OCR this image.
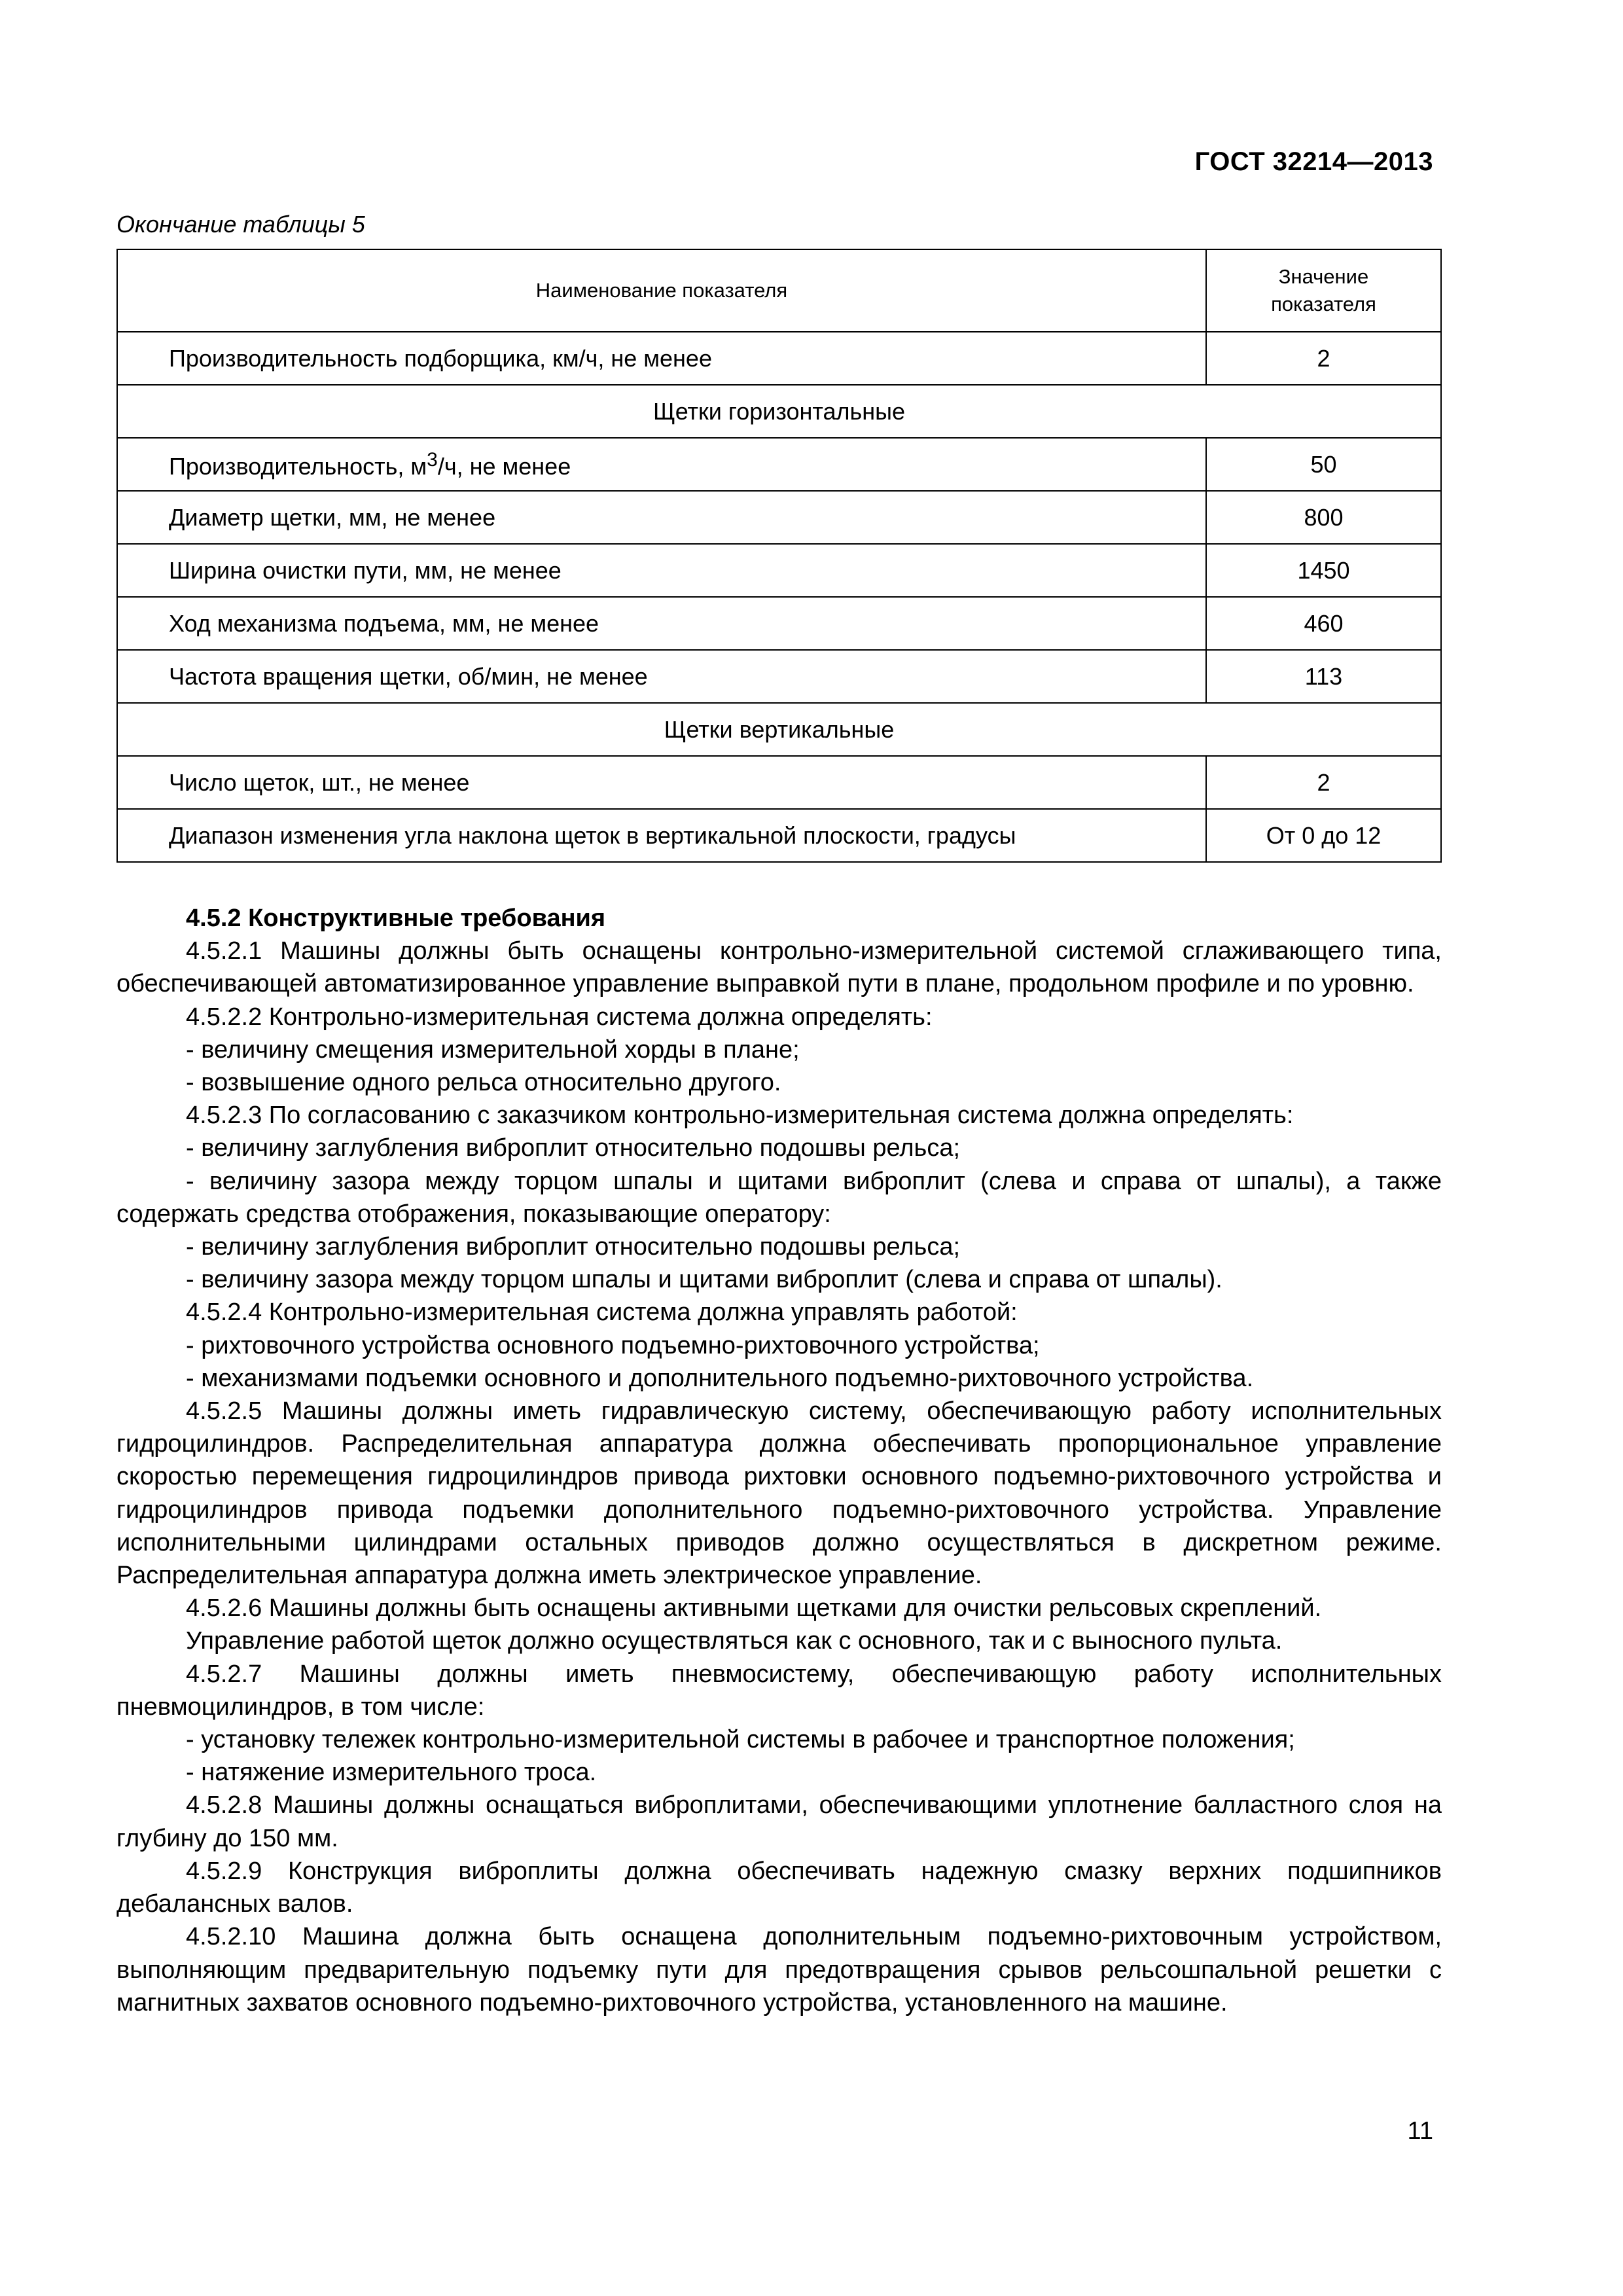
ГОСТ 32214—2013
Окончание таблицы 5
Наименование показателя	Значение
показателя
Производительность подборщика, км/ч, не менее	2
Щетки горизонтальные	
Производительность, $м^3/ч$, не менее	50
Диаметр щетки, мм, не менее	800
Ширина очистки пути, мм, не менее	1450
Ход механизма подъема, мм, не менее	460
Частота вращения щетки, об/мин, не менее	113
Щетки вертикальные	
Число щеток, шт., не менее	2
Диапазон изменения угла наклона щеток в вертикальной плоскости, градусы	От 0 до 12

4.5.2 Конструктивные требования

4.5.2.1 Машины должны быть оснащены контрольно-измерительной системой сглаживающего типа, обеспечивающей автоматизированное управление выправкой пути в плане, продольном профиле и по уровню.

4.5.2.2 Контрольно-измерительная система должна определять:

- величину смещения измерительной хорды в плане;

- возвышение одного рельса относительно другого.

4.5.2.3 По согласованию с заказчиком контрольно-измерительная система должна определять:

- величину заглубления виброплит относительно подошвы рельса;

- величину зазора между торцом шпалы и щитами виброплит (слева и справа от шпалы), а также содержать средства отображения, показывающие оператору:

- величину заглубления виброплит относительно подошвы рельса;

- величину зазора между торцом шпалы и щитами виброплит (слева и справа от шпалы).

4.5.2.4 Контрольно-измерительная система должна управлять работой:

- рихтовочного устройства основного подъемно-рихтовочного устройства;

- механизмами подъемки основного и дополнительного подъемно-рихтовочного устройства.

4.5.2.5 Машины должны иметь гидравлическую систему, обеспечивающую работу исполнительных гидроцилиндров. Распределительная аппаратура должна обеспечивать пропорциональное управление скоростью перемещения гидроцилиндров привода рихтовки основного подъемно-рихтовочного устройства и гидроцилиндров привода подъемки дополнительного подъемно-рихтовочного устройства. Управление исполнительными цилиндрами остальных приводов должно осуществляться в дискретном режиме. Распределительная аппаратура должна иметь электрическое управление.

4.5.2.6 Машины должны быть оснащены активными щетками для очистки рельсовых скреплений.

Управление работой щеток должно осуществляться как с основного, так и с выносного пульта.

4.5.2.7 Машины должны иметь пневмосистему, обеспечивающую работу исполнительных пневмоцилиндров, в том числе:

- установку тележек контрольно-измерительной системы в рабочее и транспортное положения;

- натяжение измерительного троса.

4.5.2.8 Машины должны оснащаться виброплитами, обеспечивающими уплотнение балластного слоя на глубину до 150 мм.

4.5.2.9 Конструкция виброплиты должна обеспечивать надежную смазку верхних подшипников дебалансных валов.

4.5.2.10 Машина должна быть оснащена дополнительным подъемно-рихтовочным устройством, выполняющим предварительную подъемку пути для предотвращения срывов рельсошпальной решетки с магнитных захватов основного подъемно-рихтовочного устройства, установленного на машине.

11
